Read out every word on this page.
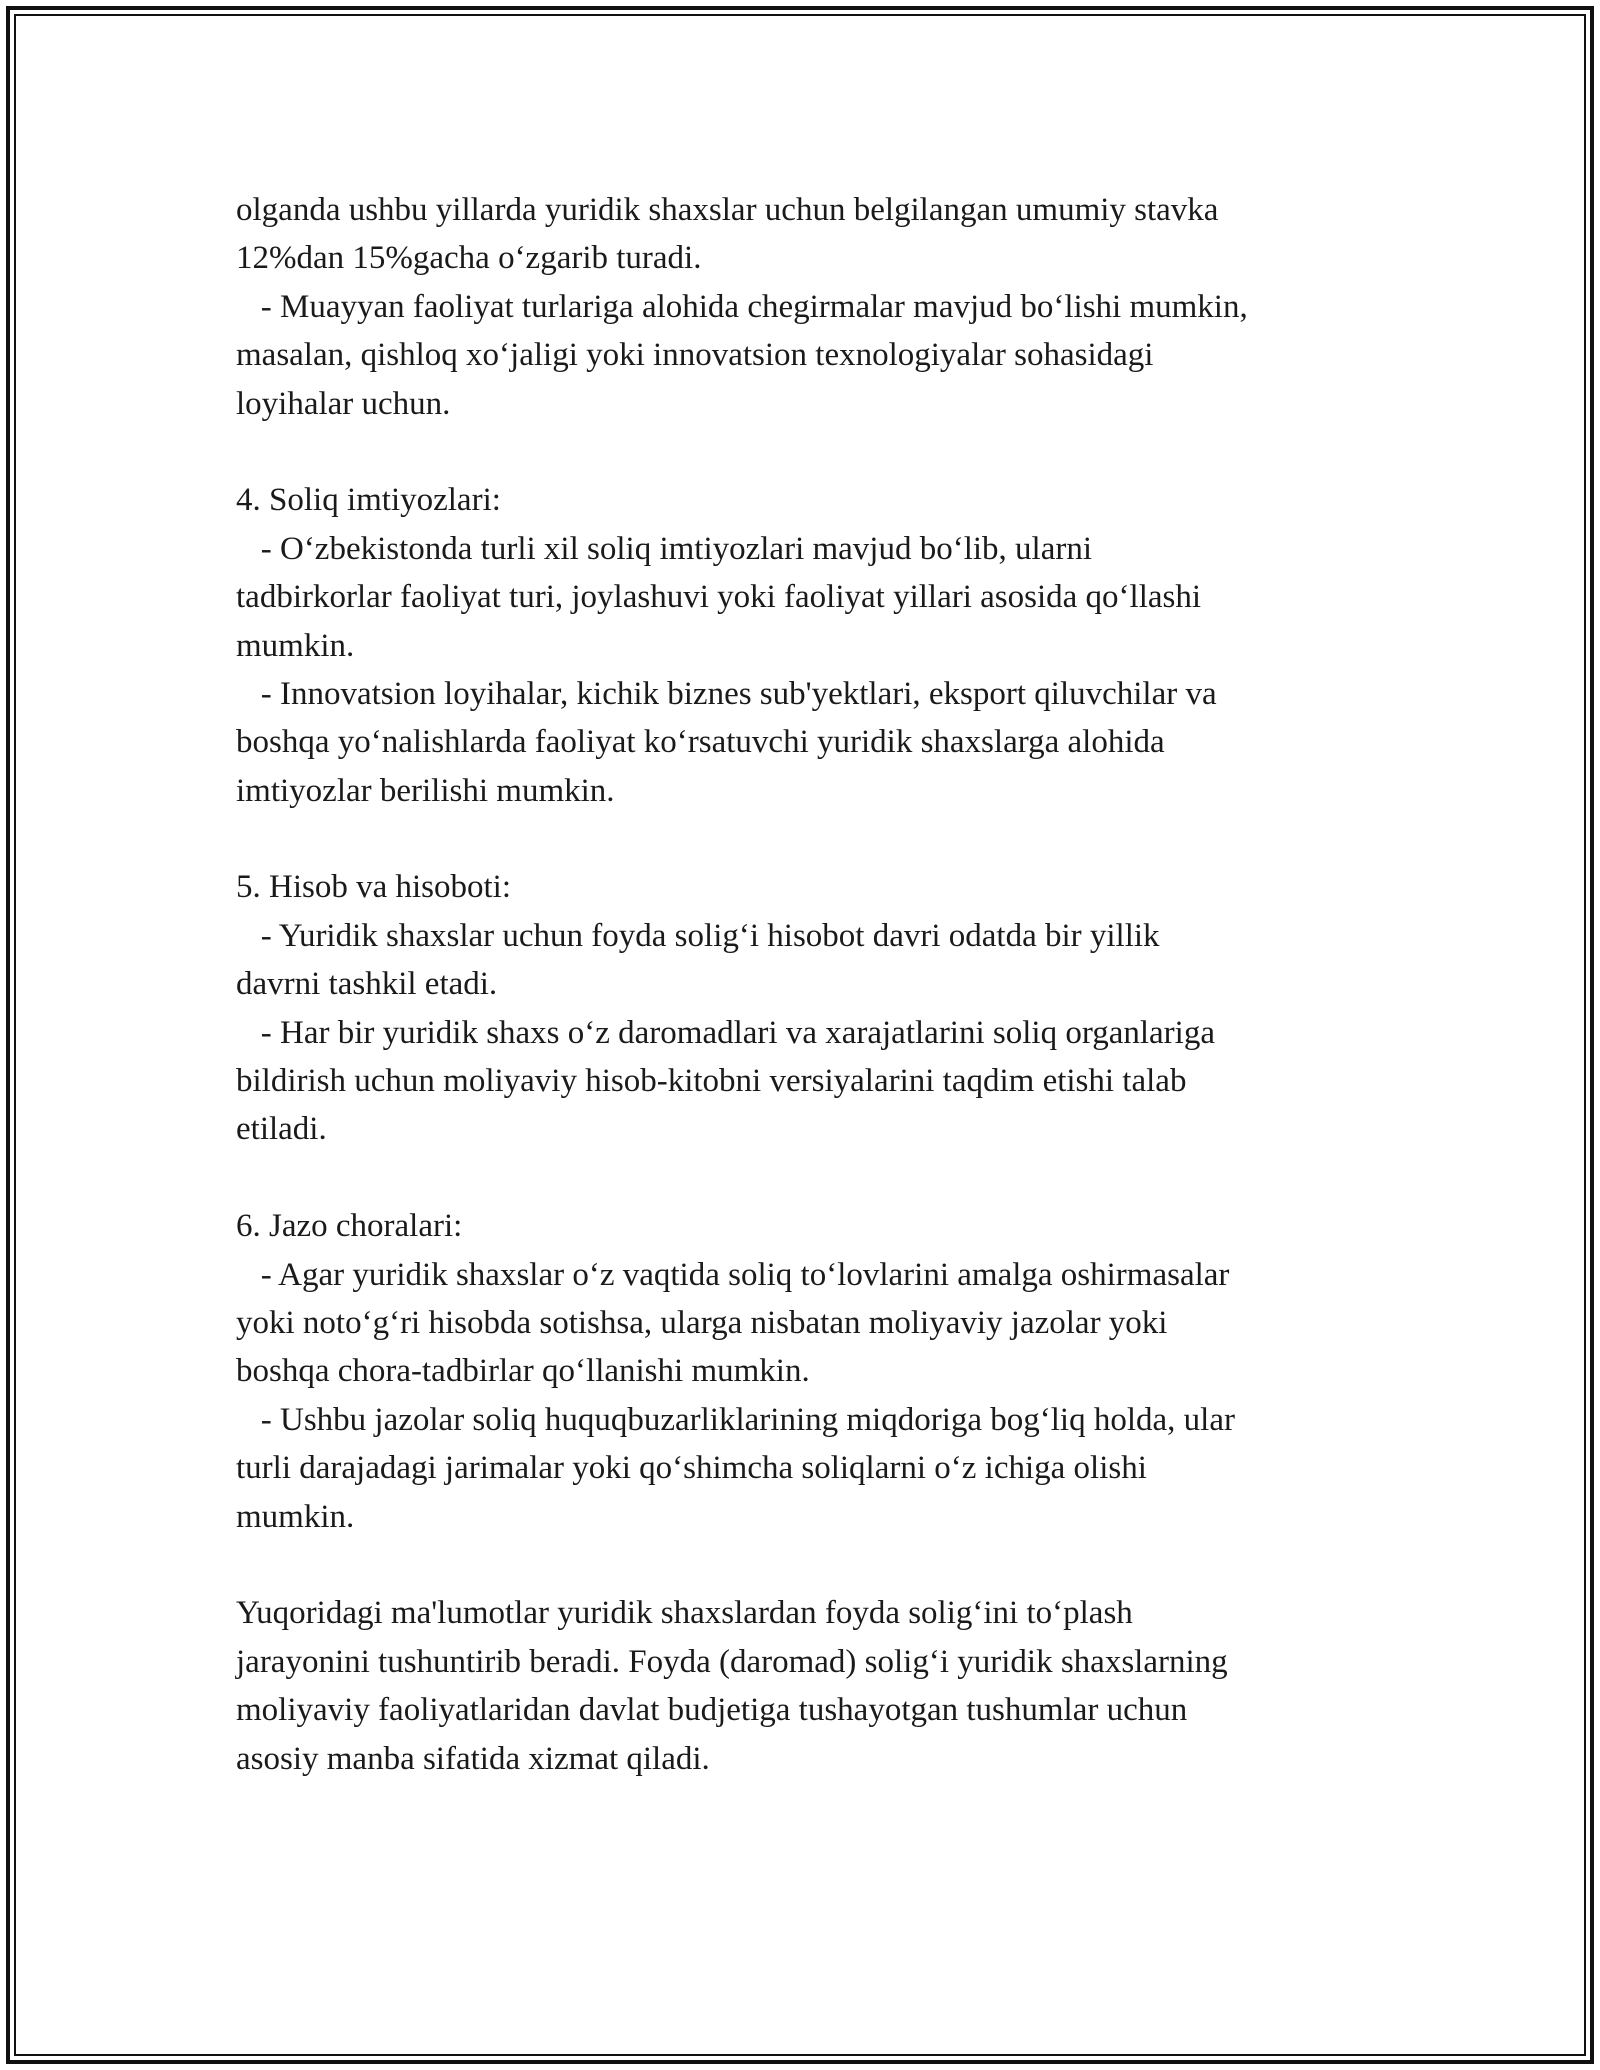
olganda ushbu yillarda yuridik shaxslar uchun belgilangan umumiy stavka
12%dan 15%gacha o‘zgarib turadi.
- Muayyan faoliyat turlariga alohida chegirmalar mavjud bo‘lishi mumkin,
masalan, qishloq xo‘jaligi yoki innovatsion texnologiyalar sohasidagi
loyihalar uchun.
4. Soliq imtiyozlari:
- O‘zbekistonda turli xil soliq imtiyozlari mavjud bo‘lib, ularni
tadbirkorlar faoliyat turi, joylashuvi yoki faoliyat yillari asosida qo‘llashi
mumkin.
- Innovatsion loyihalar, kichik biznes sub'yektlari, eksport qiluvchilar va
boshqa yo‘nalishlarda faoliyat ko‘rsatuvchi yuridik shaxslarga alohida
imtiyozlar berilishi mumkin.
5. Hisob va hisoboti:
- Yuridik shaxslar uchun foyda solig‘i hisobot davri odatda bir yillik
davrni tashkil etadi.
- Har bir yuridik shaxs o‘z daromadlari va xarajatlarini soliq organlariga
bildirish uchun moliyaviy hisob-kitobni versiyalarini taqdim etishi talab
etiladi.
6. Jazo choralari:
- Agar yuridik shaxslar o‘z vaqtida soliq to‘lovlarini amalga oshirmasalar
yoki noto‘g‘ri hisobda sotishsa, ularga nisbatan moliyaviy jazolar yoki
boshqa chora-tadbirlar qo‘llanishi mumkin.
- Ushbu jazolar soliq huquqbuzarliklarining miqdoriga bog‘liq holda, ular
turli darajadagi jarimalar yoki qo‘shimcha soliqlarni o‘z ichiga olishi
mumkin.
Yuqoridagi ma'lumotlar yuridik shaxslardan foyda solig‘ini to‘plash
jarayonini tushuntirib beradi. Foyda (daromad) solig‘i yuridik shaxslarning
moliyaviy faoliyatlaridan davlat budjetiga tushayotgan tushumlar uchun
asosiy manba sifatida xizmat qiladi.
